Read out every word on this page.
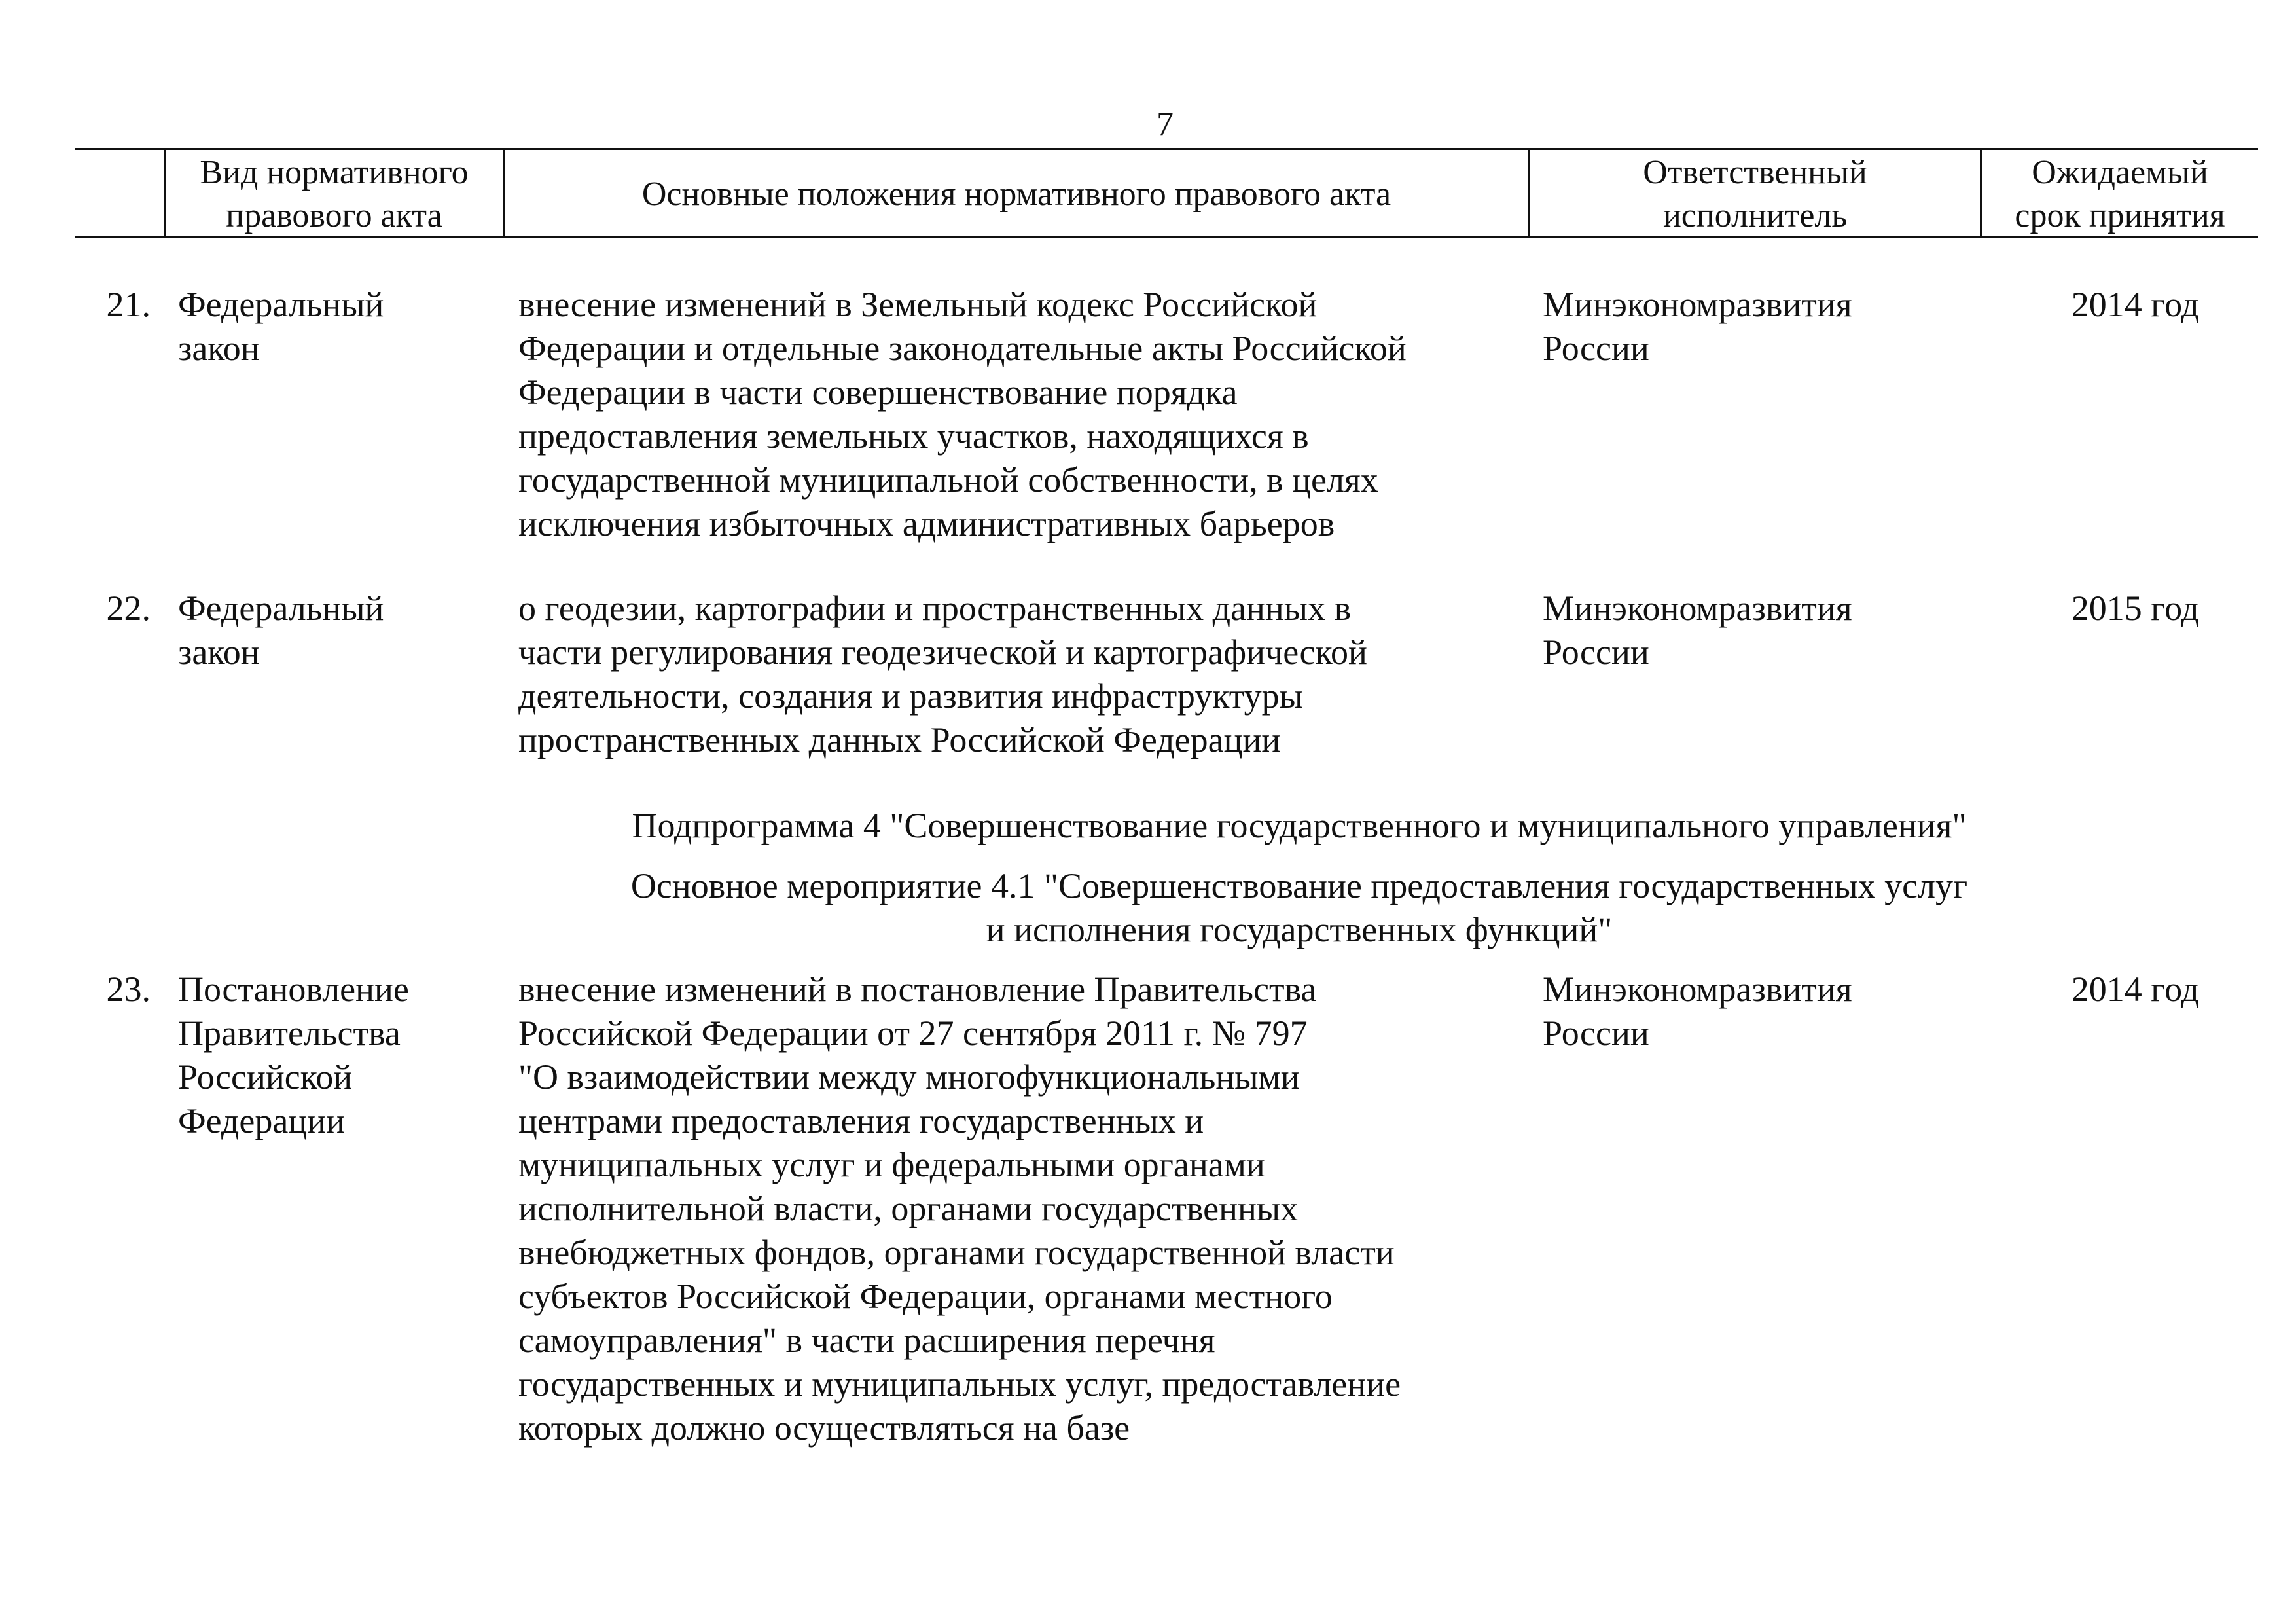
7
Вид нормативного
правового акта
Основные положения нормативного правового акта
Ответственный
исполнитель
Ожидаемый
срок принятия
21. Федеральный
закон
внесение изменений в Земельный кодекс Российской
Федерации и отдельные законодательные акты Российской
Федерации в части совершенствование порядка
предоставления земельных участков, находящихся в
государственной муниципальной собственности, в целях
исключения избыточных административных барьеров
Минэкономразвития
России
2014 год
22. Федеральный
закон
о геодезии, картографии и пространственных данных в
части регулирования геодезической и картографической
деятельности, создания и развития инфраструктуры
пространственных данных Российской Федерации
Минэкономразвития
России
2015 год
Подпрограмма 4 "Совершенствование государственного и муниципального управления"
Основное мероприятие 4.1 "Совершенствование предоставления государственных услуг
и исполнения государственных функций"
23. Постановление
Правительства
Российской
Федерации
внесение изменений в постановление Правительства
Российской Федерации от 27 сентября 2011 г. № 797
"О взаимодействии между многофункциональными
центрами предоставления государственных и
муниципальных услуг и федеральными органами
исполнительной власти, органами государственных
внебюджетных фондов, органами государственной власти
субъектов Российской Федерации, органами местного
самоуправления" в части расширения перечня
государственных и муниципальных услуг, предоставление
которых должно осуществляться на базе
Минэкономразвития
России
2014 год
